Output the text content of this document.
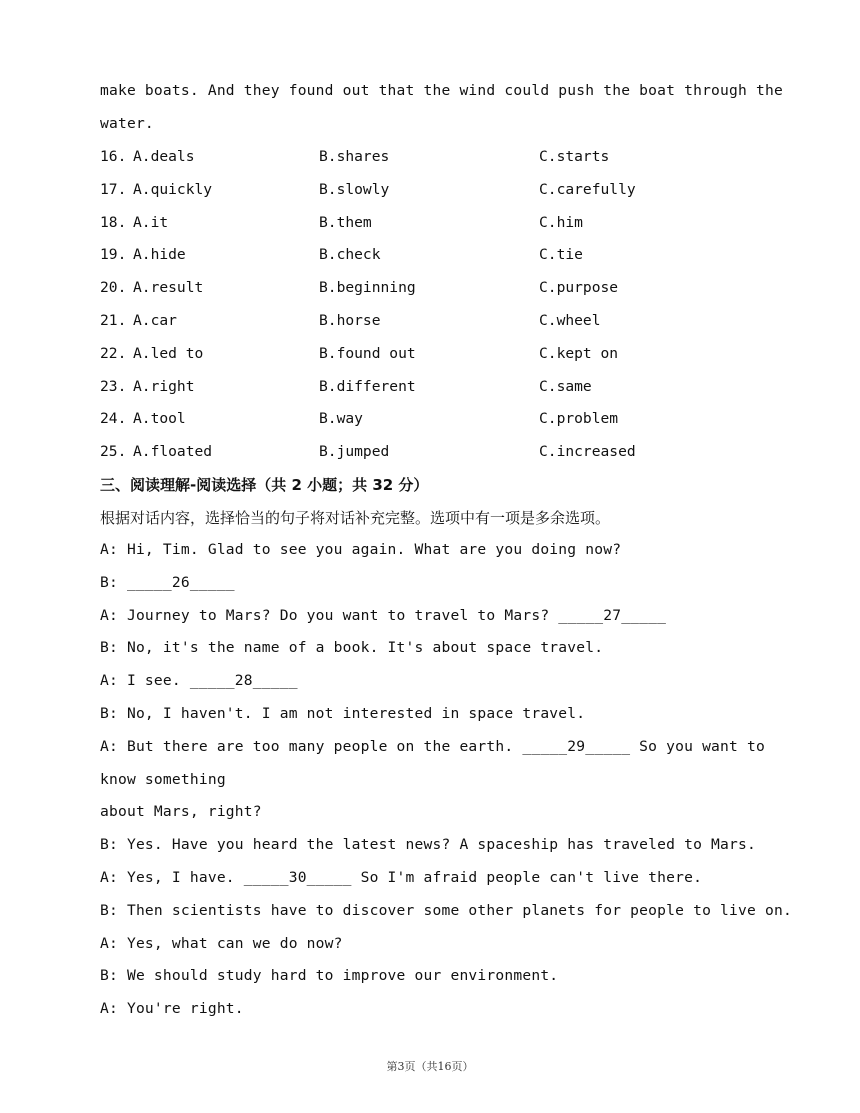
make boats. And they found out that the wind could push the boat through the
water.
16. A.deals	B.shares	C.starts
17. A.quickly	B.slowly	C.carefully
18. A.it	B.them	C.him
19. A.hide	B.check	C.tie
20. A.result	B.beginning	C.purpose
21. A.car	B.horse	C.wheel
22. A.led to	B.found out	C.kept on
23. A.right	B.different	C.same
24. A.tool	B.way	C.problem
25. A.floated	B.jumped	C.increased
三、阅读理解-阅读选择（共 2 小题；共 32 分）
根据对话内容，选择恰当的句子将对话补充完整。选项中有一项是多余选项。
A: Hi, Tim. Glad to see you again. What are you doing now?
B: _____26_____
A: Journey to Mars? Do you want to travel to Mars? _____27_____
B: No, it's the name of a book. It's about space travel.
A: I see. _____28_____
B: No, I haven't. I am not interested in space travel.
A: But there are too many people on the earth. _____29_____ So you want to
know something
about Mars, right?
B: Yes. Have you heard the latest news? A spaceship has traveled to Mars.
A: Yes, I have. _____30_____ So I'm afraid people can't live there.
B: Then scientists have to discover some other planets for people to live on.
A: Yes, what can we do now?
B: We should study hard to improve our environment.
A: You're right.
第3页（共16页）
